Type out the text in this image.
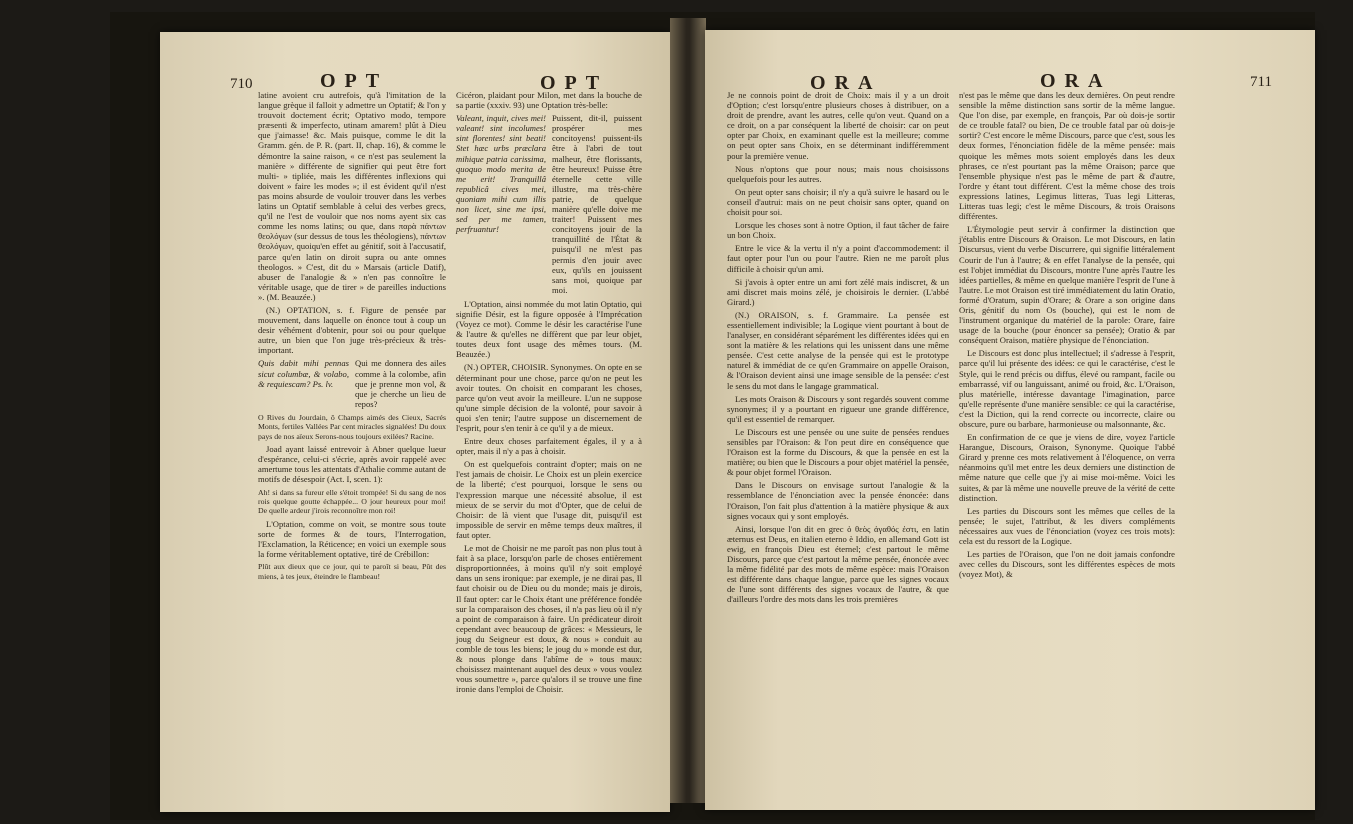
710	OPT	OPT

latine avoient cru autrefois, qu'à l'imitation de la langue grèque il falloit y admettre un Optatif; & l'on y trouvoit doctement écrit; Optativo modo, tempore præsenti & imperfecto, utinam amarem! plût à Dieu que j'aimasse! &c. Mais puisque, comme le dit la Gramm. gén. de P. R. (part. II, chap. 16), & comme le démontre la saine raison, « ce n'est pas seulement la manière » différente de signifier qui peut être fort multi- » tipliée, mais les différentes inflexions qui doivent » faire les modes »; il est évident qu'il n'est pas moins absurde de vouloir trouver dans les verbes latins un Optatif semblable à celui des verbes grecs, qu'il ne l'est de vouloir que nos noms ayent six cas comme les noms latins; ou que, dans παρὰ πάντων θεολόγων (sur dessus de tous les théologiens), πάντων θεολόγων, quoiqu'en effet au génitif, soit à l'accusatif, parce qu'en latin on diroit supra ou ante omnes theologos. » C'est, dit du » Marsais (article Datif), abuser de l'analogie & » n'en pas connoître le véritable usage, que de tirer » de pareilles inductions ». (M. Beauzée.)

(N.) OPTATION, s. f. Figure de pensée par mouvement, dans laquelle on énonce tout à coup un desir véhément d'obtenir, pour soi ou pour quelque autre, un bien que l'on juge très-précieux & très-important.

Quis dabit mihi pennas sicut columbæ, & volabo, & requiescam? Ps. lv.
Qui me donnera des ailes comme à la colombe, afin que je prenne mon vol, & que je cherche un lieu de repos?

O Rives du Jourdain, ô Champs aimés des Cieux, Sacrés Monts, fertiles Vallées Par cent miracles signalées! Du doux pays de nos aïeux Serons-nous toujours exilées? Racine.

Joad ayant laissé entrevoir à Abner quelque lueur d'espérance, celui-ci s'écrie, après avoir rappelé avec amertume tous les attentats d'Athalie comme autant de motifs de désespoir (Act. I, scen. 1):

Ah! si dans sa fureur elle s'étoit trompée! Si du sang de nos rois quelque goutte échappée... O jour heureux pour moi! De quelle ardeur j'irois reconnoître mon roi!

L'Optation, comme on voit, se montre sous toute sorte de formes & de tours, l'Interrogation, l'Exclamation, la Réticence; en voici un exemple sous la forme véritablement optative, tiré de Crébillon:

Plût aux dieux que ce jour, qui te paroît si beau, Pût des miens, à tes jeux, éteindre le flambeau!

Cicéron, plaidant pour Milon, met dans la bouche de sa partie (xxxiv. 93) une Optation très-belle:

Valeant, inquit, cives mei! valeant! sint incolumes! sint florentes! sint beati! Stet hæc urbs præclara mihique patria carissima, quoquo modo merita de me erit! Tranquillâ republicâ cives mei, quoniam mihi cum illis non licet, sine me ipsi, sed per me tamen, perfruantur!
Puissent, dit-il, puissent prospérer mes concitoyens! puissent-ils être à l'abri de tout malheur, être florissants, être heureux! Puisse être éternelle cette ville illustre, ma très-chère patrie, de quelque manière qu'elle doive me traiter! Puissent mes concitoyens jouir de la tranquillité de l'État & puisqu'il ne m'est pas permis d'en jouir avec eux, qu'ils en jouissent sans moi, quoique par moi.

L'Optation, ainsi nommée du mot latin Optatio, qui signifie Désir, est la figure opposée à l'Imprécation (Voyez ce mot). Comme le désir les caractérise l'une & l'autre & qu'elles ne diffèrent que par leur objet, toutes deux font usage des mêmes tours. (M. Beauzée.)

(N.) OPTER, CHOISIR. Synonymes. On opte en se déterminant pour une chose, parce qu'on ne peut les avoir toutes. On choisit en comparant les choses, parce qu'on veut avoir la meilleure. L'un ne suppose qu'une simple décision de la volonté, pour savoir à quoi s'en tenir; l'autre suppose un discernement de l'esprit, pour s'en tenir à ce qu'il y a de mieux.

Entre deux choses parfaitement égales, il y a à opter, mais il n'y a pas à choisir.

On est quelquefois contraint d'opter; mais on ne l'est jamais de choisir. Le Choix est un plein exercice de la liberté; c'est pourquoi, lorsque le sens ou l'expression marque une nécessité absolue, il est mieux de se servir du mot d'Opter, que de celui de Choisir: de là vient que l'usage dit, puisqu'il est impossible de servir en même temps deux maîtres, il faut opter.

Le mot de Choisir ne me paroît pas non plus tout à fait à sa place, lorsqu'on parle de choses entièrement disproportionnées, à moins qu'il n'y soit employé dans un sens ironique: par exemple, je ne dirai pas, Il faut choisir ou de Dieu ou du monde; mais je dirois, Il faut opter: car le Choix étant une préférence fondée sur la comparaison des choses, il n'a pas lieu où il n'y a point de comparaison à faire. Un prédicateur diroit cependant avec beaucoup de grâces: « Messieurs, le joug du Seigneur est doux, & nous » conduit au comble de tous les biens; le joug du » monde est dur, & nous plonge dans l'abîme de » tous maux: choisissez maintenant auquel des deux » vous voulez vous soumettre », parce qu'alors il se trouve une fine ironie dans l'emploi de Choisir.

ORA	ORA	711

Je ne connois point de droit de Choix: mais il y a un droit d'Option; c'est lorsqu'entre plusieurs choses à distribuer, on a droit de prendre, avant les autres, celle qu'on veut. Quand on a ce droit, on a par conséquent la liberté de choisir: car on peut opter par Choix, en examinant quelle est la meilleure; comme on peut opter sans Choix, en se déterminant indifféremment pour la première venue.

Nous n'optons que pour nous; mais nous choisissons quelquefois pour les autres.

On peut opter sans choisir; il n'y a qu'à suivre le hasard ou le conseil d'autrui: mais on ne peut choisir sans opter, quand on choisit pour soi.

Lorsque les choses sont à notre Option, il faut tâcher de faire un bon Choix.

Entre le vice & la vertu il n'y a point d'accommodement: il faut opter pour l'un ou pour l'autre. Rien ne me paroît plus difficile à choisir qu'un ami.

Si j'avois à opter entre un ami fort zélé mais indiscret, & un ami discret mais moins zélé, je choisirois le dernier. (L'abbé Girard.)

(N.) ORAISON, s. f. Grammaire. La pensée est essentiellement indivisible; la Logique vient pourtant à bout de l'analyser, en considérant séparément les différentes idées qui en sont la matière & les relations qui les unissent dans une même pensée. C'est cette analyse de la pensée qui est le prototype naturel & immédiat de ce qu'en Grammaire on appelle Oraison, & l'Oraison devient ainsi une image sensible de la pensée: c'est le sens du mot dans le langage grammatical.

Les mots Oraison & Discours y sont regardés souvent comme synonymes; il y a pourtant en rigueur une grande différence, qu'il est essentiel de remarquer.

Le Discours est une pensée ou une suite de pensées rendues sensibles par l'Oraison: & l'on peut dire en conséquence que l'Oraison est la forme du Discours, & que la pensée en est la matière; ou bien que le Discours a pour objet matériel la pensée, & pour objet formel l'Oraison.

Dans le Discours on envisage surtout l'analogie & la ressemblance de l'énonciation avec la pensée énoncée: dans l'Oraison, l'on fait plus d'attention à la matière physique & aux signes vocaux qui y sont employés.

Ainsi, lorsque l'on dit en grec ὁ θεὸς ἀγαθός ἐστι, en latin æternus est Deus, en italien eterno è Iddio, en allemand Gott ist ewig, en françois Dieu est éternel; c'est partout le même Discours, parce que c'est partout la même pensée, énoncée avec la même fidélité par des mots de même espèce: mais l'Oraison est différente dans chaque langue, parce que les signes vocaux de l'une sont différents des signes vocaux de l'autre, & que d'ailleurs l'ordre des mots dans les trois premières

n'est pas le même que dans les deux dernières. On peut rendre sensible la même distinction sans sortir de la même langue. Que l'on dise, par exemple, en françois, Par où dois-je sortir de ce trouble fatal? ou bien, De ce trouble fatal par où dois-je sortir? C'est encore le même Discours, parce que c'est, sous les deux formes, l'énonciation fidèle de la même pensée: mais quoique les mêmes mots soient employés dans les deux phrases, ce n'est pourtant pas la même Oraison; parce que l'ensemble physique n'est pas le même de part & d'autre, l'ordre y étant tout différent. C'est la même chose des trois expressions latines, Legimus litteras, Tuas legi Litteras, Litteras tuas legi; c'est le même Discours, & trois Oraisons différentes.

L'Étymologie peut servir à confirmer la distinction que j'établis entre Discours & Oraison. Le mot Discours, en latin Discursus, vient du verbe Discurrere, qui signifie littéralement Courir de l'un à l'autre; & en effet l'analyse de la pensée, qui est l'objet immédiat du Discours, montre l'une après l'autre les idées partielles, & même en quelque manière l'esprit de l'une à l'autre. Le mot Oraison est tiré immédiatement du latin Oratio, formé d'Oratum, supin d'Orare; & Orare a son origine dans Oris, génitif du nom Os (bouche), qui est le nom de l'instrument organique du matériel de la parole: Orare, faire usage de la bouche (pour énoncer sa pensée); Oratio & par conséquent Oraison, matière physique de l'énonciation.

Le Discours est donc plus intellectuel; il s'adresse à l'esprit, parce qu'il lui présente des idées: ce qui le caractérise, c'est le Style, qui le rend précis ou diffus, élevé ou rampant, facile ou embarrassé, vif ou languissant, animé ou froid, &c. L'Oraison, plus matérielle, intéresse davantage l'imagination, parce qu'elle représente d'une manière sensible: ce qui la caractérise, c'est la Diction, qui la rend correcte ou incorrecte, claire ou obscure, pure ou barbare, harmonieuse ou malsonnante, &c.

En confirmation de ce que je viens de dire, voyez l'article Harangue, Discours, Oraison, Synonyme. Quoique l'abbé Girard y prenne ces mots relativement à l'éloquence, on verra néanmoins qu'il met entre les deux derniers une distinction de même nature que celle que j'y ai mise moi-même. Voici les suites, & par là même une nouvelle preuve de la vérité de cette distinction.

Les parties du Discours sont les mêmes que celles de la pensée; le sujet, l'attribut, & les divers compléments nécessaires aux vues de l'énonciation (voyez ces trois mots): cela est du ressort de la Logique.

Les parties de l'Oraison, que l'on ne doit jamais confondre avec celles du Discours, sont les différentes espèces de mots (voyez Mot), &
